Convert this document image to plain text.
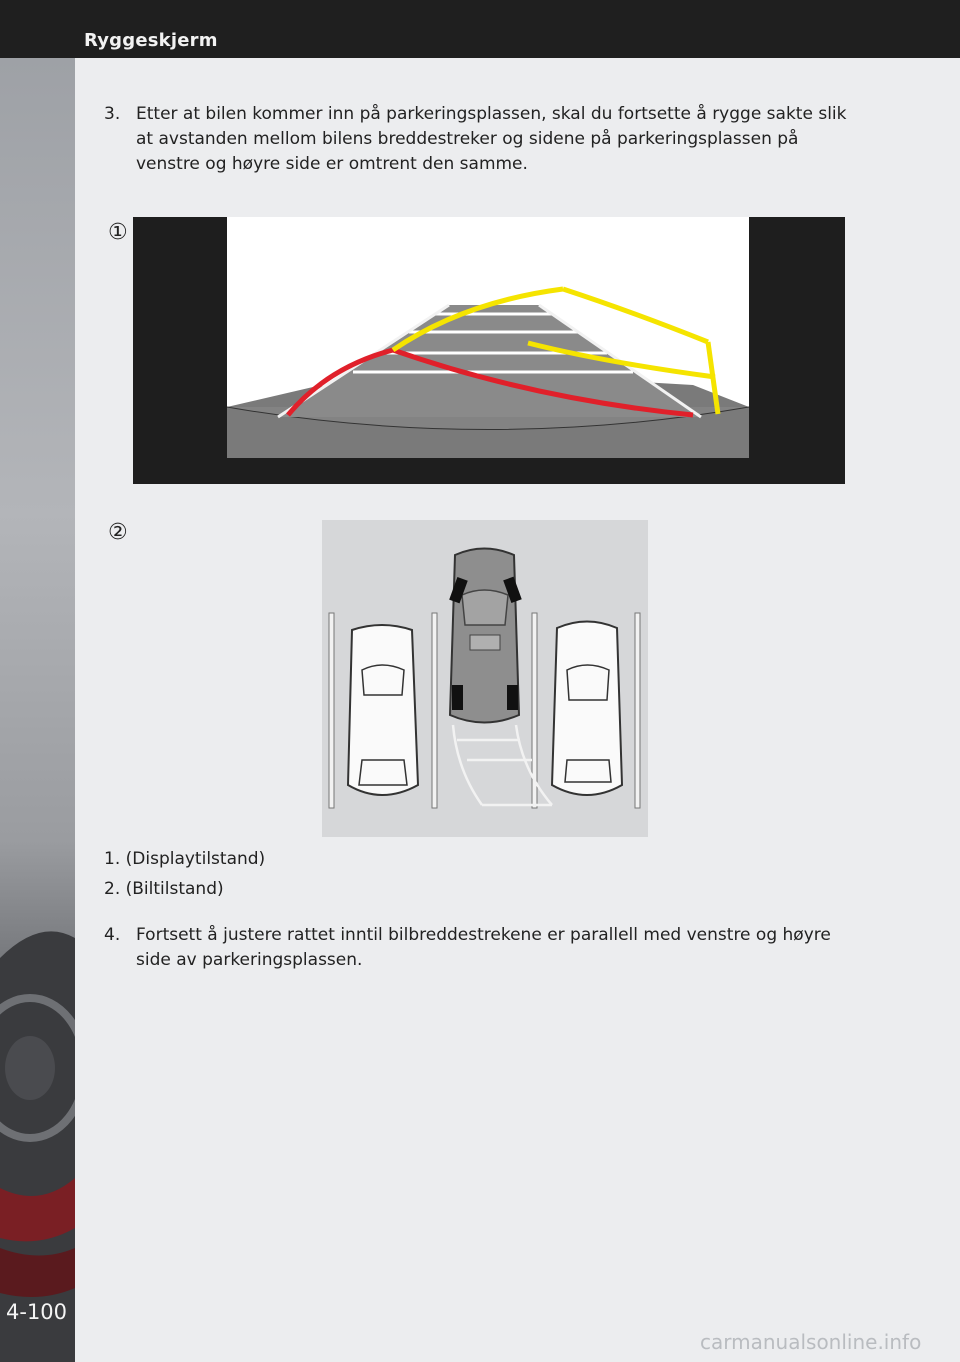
Ryggeskjerm
4-100
3. Etter at bilen kommer inn på parkeringsplassen, skal du fortsette å rygge sakte slik at avstanden mellom bilens breddestreker og sidene på parkeringsplassen på venstre og høyre side er omtrent den samme.
①
②
1. (Displaytilstand)
2. (Biltilstand)
4. Fortsett å justere rattet inntil bilbreddestrekene er parallell med venstre og høyre side av parkeringsplassen.
carmanualsonline.info
